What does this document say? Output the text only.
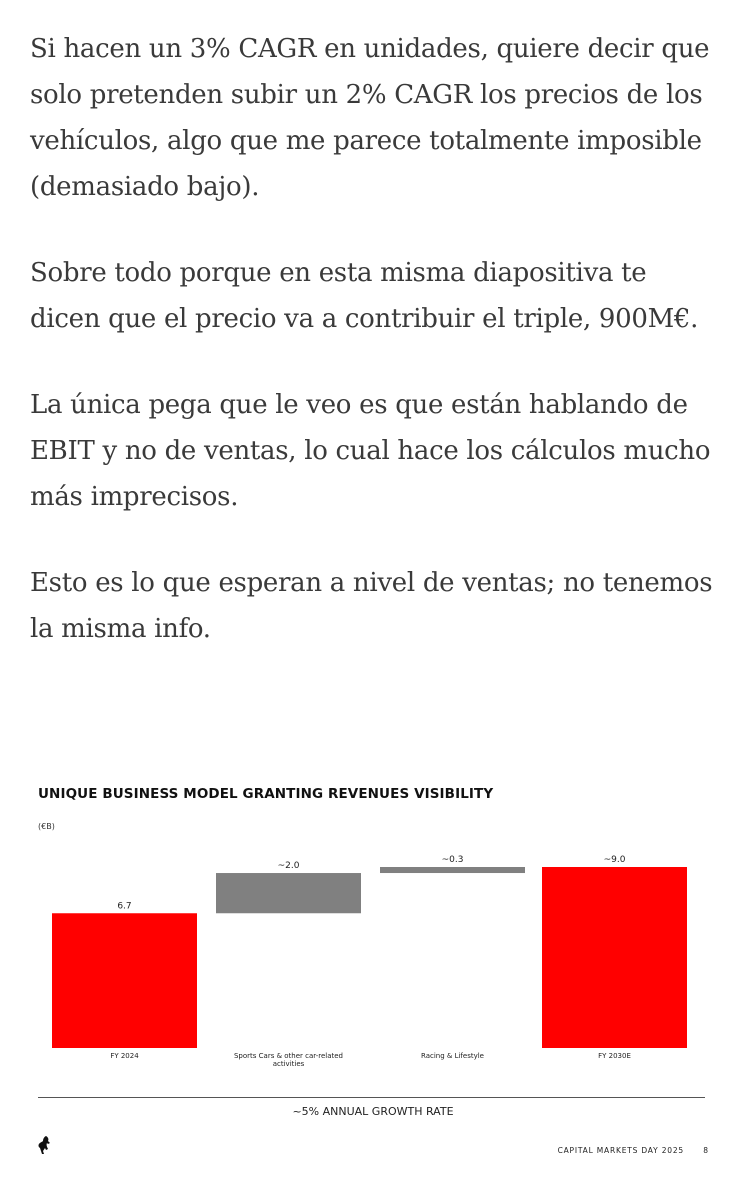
Si hacen un 3% CAGR en unidades, quiere decir que solo pretenden subir un 2% CAGR los precios de los vehículos, algo que me parece totalmente imposible (demasiado bajo).

Sobre todo porque en esta misma diapositiva te dicen que el precio va a contribuir el triple, 900M€.

La única pega que le veo es que están hablando de EBIT y no de ventas, lo cual hace los cálculos mucho más imprecisos.

Esto es lo que esperan a nivel de ventas; no tenemos la misma info.

UNIQUE BUSINESS MODEL GRANTING REVENUES VISIBILITY
(€B)
6.7
FY 2024
~2.0
Sports Cars & other car-related activities
~0.3
Racing & Lifestyle
~9.0
FY 2030E
~5% ANNUAL GROWTH RATE
CAPITAL MARKETS DAY 2025	8
